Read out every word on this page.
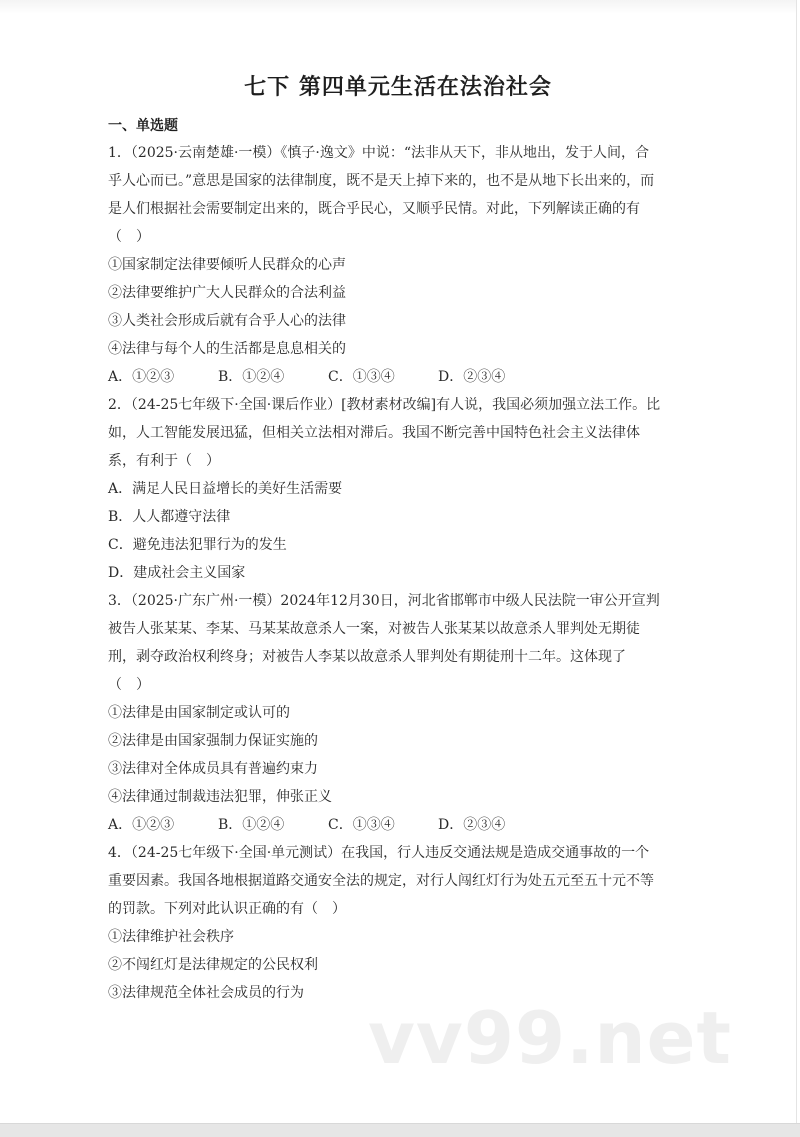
七下 第四单元生活在法治社会
一、单选题
1．（2025·云南楚雄·一模）《慎子·逸文》中说：“法非从天下，非从地出，发于人间，合
乎人心而已。”意思是国家的法律制度，既不是天上掉下来的，也不是从地下长出来的，而
是人们根据社会需要制定出来的，既合乎民心，又顺乎民情。对此，下列解读正确的有
（　）
①国家制定法律要倾听人民群众的心声
②法律要维护广大人民群众的合法利益
③人类社会形成后就有合乎人心的法律
④法律与每个人的生活都是息息相关的
A．①②③	B．①②④	C．①③④	D．②③④
2．（24-25七年级下·全国·课后作业）[教材素材改编]有人说，我国必须加强立法工作。比
如，人工智能发展迅猛，但相关立法相对滞后。我国不断完善中国特色社会主义法律体
系，有利于（　）
A．满足人民日益增长的美好生活需要
B．人人都遵守法律
C．避免违法犯罪行为的发生
D．建成社会主义国家
3．（2025·广东广州·一模）2024年12月30日，河北省邯郸市中级人民法院一审公开宣判
被告人张某某、李某、马某某故意杀人一案，对被告人张某某以故意杀人罪判处无期徒
刑，剥夺政治权利终身；对被告人李某以故意杀人罪判处有期徒刑十二年。这体现了
（　）
①法律是由国家制定或认可的
②法律是由国家强制力保证实施的
③法律对全体成员具有普遍约束力
④法律通过制裁违法犯罪，伸张正义
A．①②③	B．①②④	C．①③④	D．②③④
4．（24-25七年级下·全国·单元测试）在我国，行人违反交通法规是造成交通事故的一个
重要因素。我国各地根据道路交通安全法的规定，对行人闯红灯行为处五元至五十元不等
的罚款。下列对此认识正确的有（　）
①法律维护社会秩序
②不闯红灯是法律规定的公民权利
③法律规范全体社会成员的行为
vv99.net
